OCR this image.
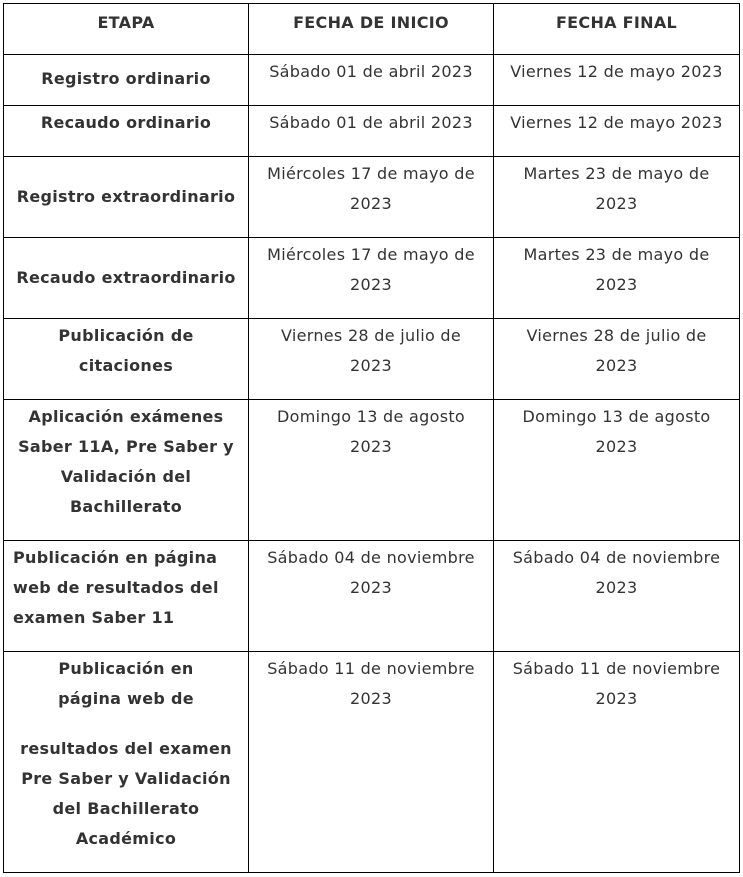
ETAPA	FECHA DE INICIO	FECHA FINAL
Registro ordinario	Sábado 01 de abril 2023	Viernes 12 de mayo 2023
Recaudo ordinario	Sábado 01 de abril 2023	Viernes 12 de mayo 2023
Registro extraordinario	Miércoles 17 de mayo de 2023	Martes 23 de mayo de 2023
Recaudo extraordinario	Miércoles 17 de mayo de 2023	Martes 23 de mayo de 2023
Publicación de citaciones	Viernes 28 de julio de 2023	Viernes 28 de julio de 2023
Aplicación exámenes Saber 11A, Pre Saber y Validación del Bachillerato	Domingo 13 de agosto 2023	Domingo 13 de agosto 2023
Publicación en página web de resultados del examen Saber 11	Sábado 04 de noviembre 2023	Sábado 04 de noviembre 2023

Publicación en página web de
resultados del examen Pre Saber y Validación del Bachillerato Académico	Sábado 11 de noviembre 2023	Sábado 11 de noviembre 2023
